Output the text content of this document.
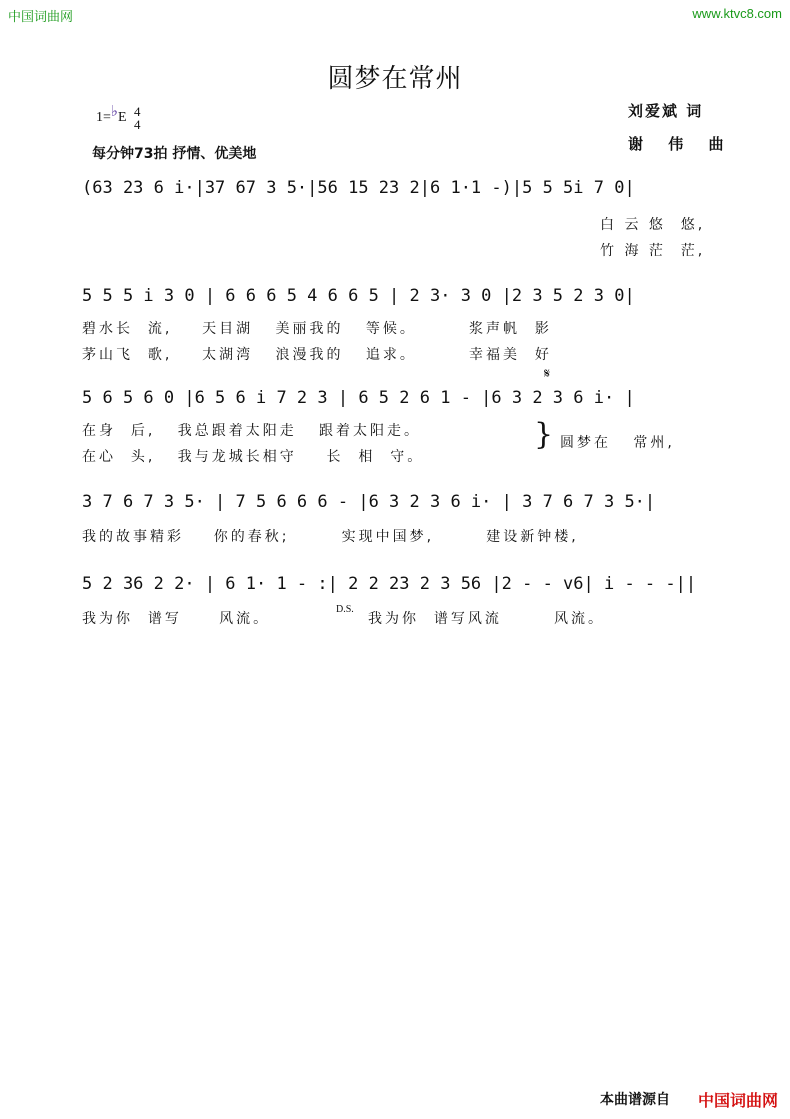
中国词曲网	www.ktvc8.com
圆梦在常州
1=♭E 4
4
每分钟73拍 抒情、优美地
刘爱斌 词
谢 伟 曲
(63 23 6 i·|37 67 3 5·|56 15 23 2|6 1·1 -)|5 5 5i 7 0|
白 云 悠  悠,
竹 海 茫  茫,
5 5 5 i 3 0 | 6 6 6 5 4 6 6 5 | 2 3· 3 0 |2 3 5 2 3 0|
碧水长  流,    天目湖   美丽我的   等候。       浆声帆  影
茅山飞  歌,    太湖湾   浪漫我的   追求。       幸福美  好
5 6 5 6 0 |6 5 6 i 7 2 3 | 6 5 2 6 1 - |6 3 2 3 6 i· |
𝄋
在身  后,   我总跟着太阳走   跟着太阳走。
在心  头,   我与龙城长相守    长  相  守。
} 圆梦在   常州,
3 7 6 7 3 5· | 7 5 6 6 6 - |6 3 2 3 6 i· | 3 7 6 7 3 5·|
我的故事精彩    你的春秋;       实现中国梦,       建设新钟楼,
5 2 36 2 2· | 6 1· 1 - :| 2 2 23 2 3 56 |2 - - v6| i - - -||
我为你  谱写     风流。
D.S.
我为你  谱写风流       风流。
本曲谱源自 中国词曲网
